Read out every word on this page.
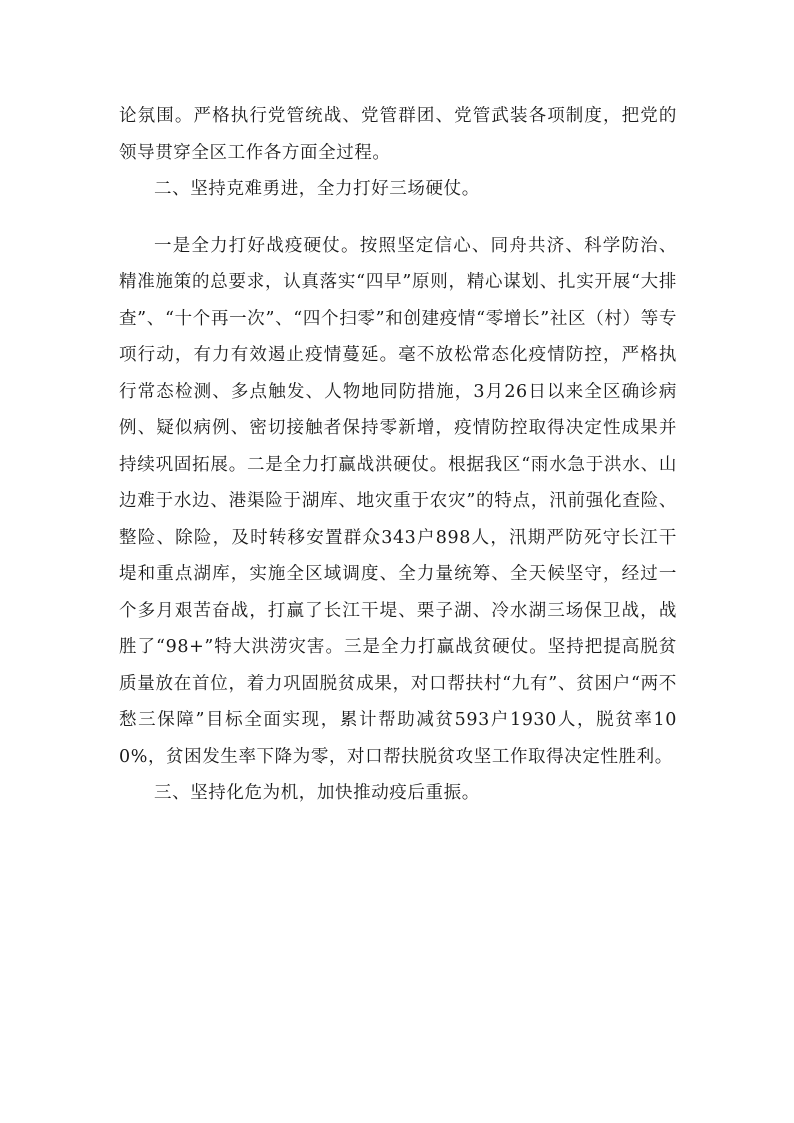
论氛围。严格执行党管统战、党管群团、党管武装各项制度，把党的领导贯穿全区工作各方面全过程。

二、坚持克难勇进，全力打好三场硬仗。

一是全力打好战疫硬仗。按照坚定信心、同舟共济、科学防治、精准施策的总要求，认真落实“四早”原则，精心谋划、扎实开展“大排查”、“十个再一次”、“四个扫零”和创建疫情“零增长”社区（村）等专项行动，有力有效遏止疫情蔓延。毫不放松常态化疫情防控，严格执行常态检测、多点触发、人物地同防措施，3月26日以来全区确诊病例、疑似病例、密切接触者保持零新增，疫情防控取得决定性成果并持续巩固拓展。二是全力打赢战洪硬仗。根据我区“雨水急于洪水、山边难于水边、港渠险于湖库、地灾重于农灾”的特点，汛前强化查险、整险、除险，及时转移安置群众343户898人，汛期严防死守长江干堤和重点湖库，实施全区域调度、全力量统筹、全天候坚守，经过一个多月艰苦奋战，打赢了长江干堤、栗子湖、冷水湖三场保卫战，战胜了“98+”特大洪涝灾害。三是全力打赢战贫硬仗。坚持把提高脱贫质量放在首位，着力巩固脱贫成果，对口帮扶村“九有”、贫困户“两不愁三保障”目标全面实现，累计帮助减贫593户1930人，脱贫率100%，贫困发生率下降为零，对口帮扶脱贫攻坚工作取得决定性胜利。

三、坚持化危为机，加快推动疫后重振。
